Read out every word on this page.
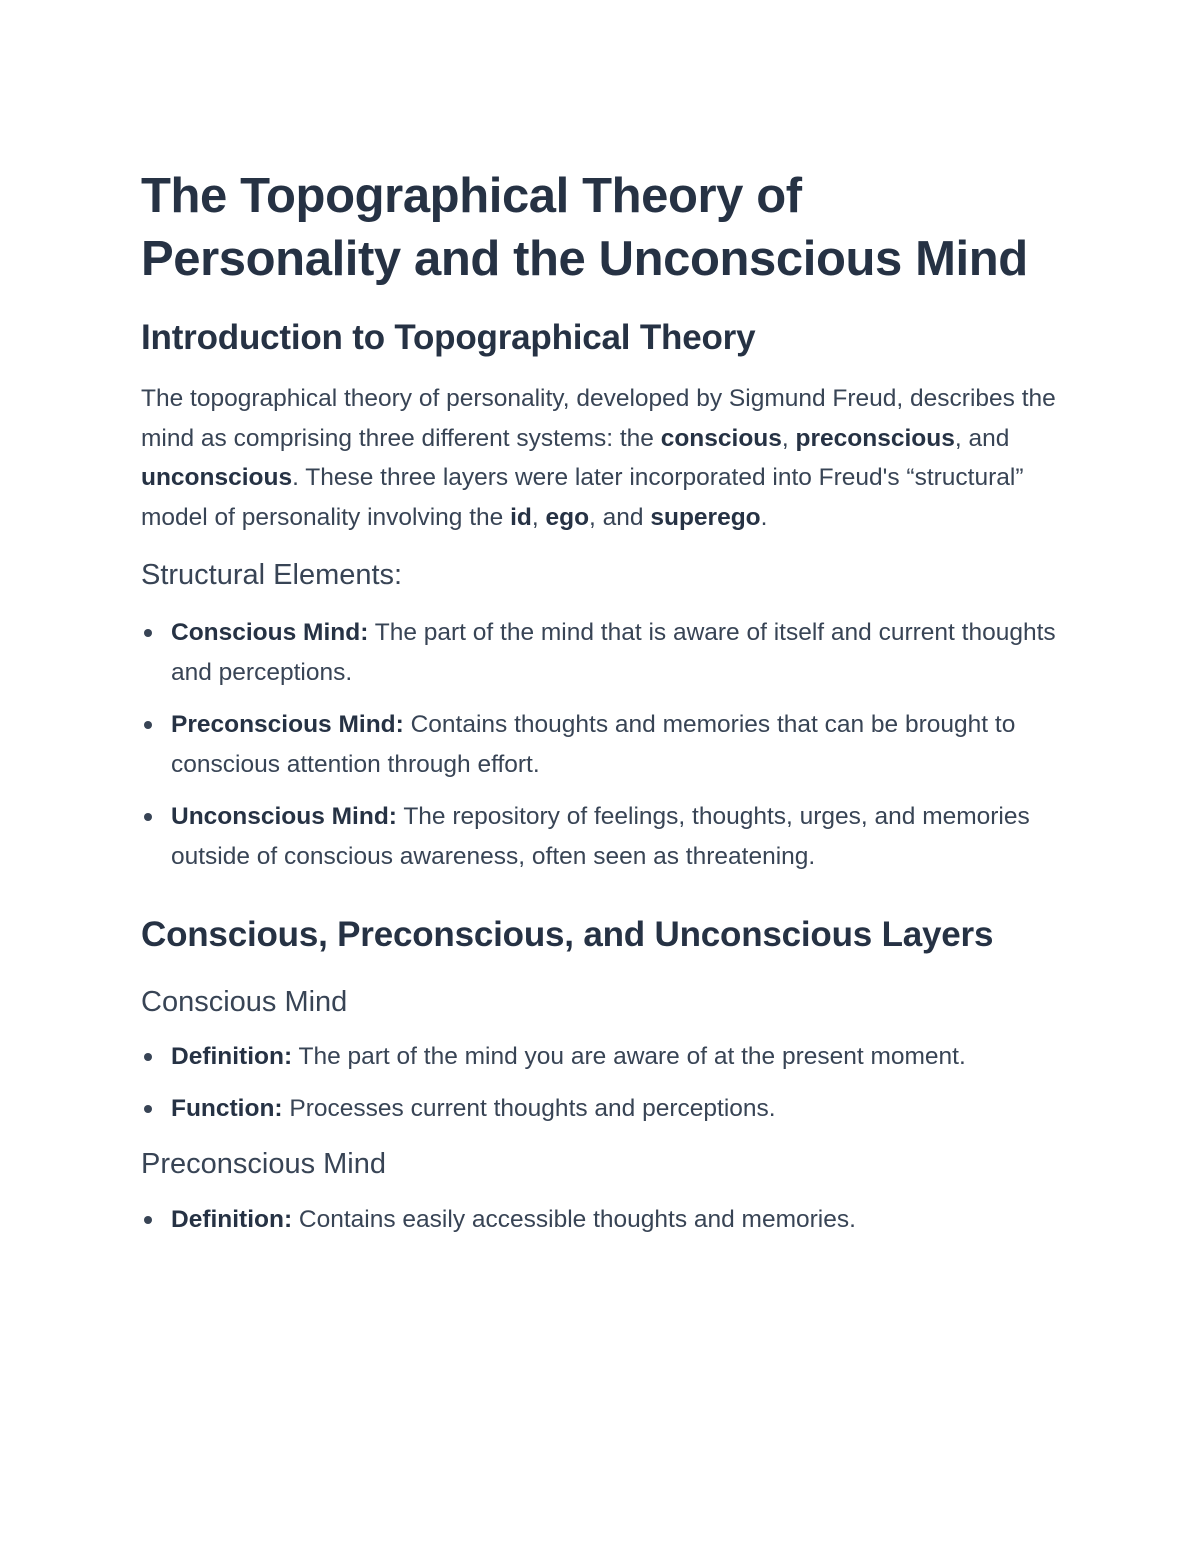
The Topographical Theory of Personality and the Unconscious Mind
Introduction to Topographical Theory

The topographical theory of personality, developed by Sigmund Freud, describes the mind as comprising three different systems: the conscious, preconscious, and unconscious. These three layers were later incorporated into Freud's “structural” model of personality involving the id, ego, and superego.

Structural Elements:
Conscious Mind: The part of the mind that is aware of itself and current thoughts and perceptions.
Preconscious Mind: Contains thoughts and memories that can be brought to conscious attention through effort.
Unconscious Mind: The repository of feelings, thoughts, urges, and memories outside of conscious awareness, often seen as threatening.
Conscious, Preconscious, and Unconscious Layers
Conscious Mind
Definition: The part of the mind you are aware of at the present moment.
Function: Processes current thoughts and perceptions.
Preconscious Mind
Definition: Contains easily accessible thoughts and memories.
